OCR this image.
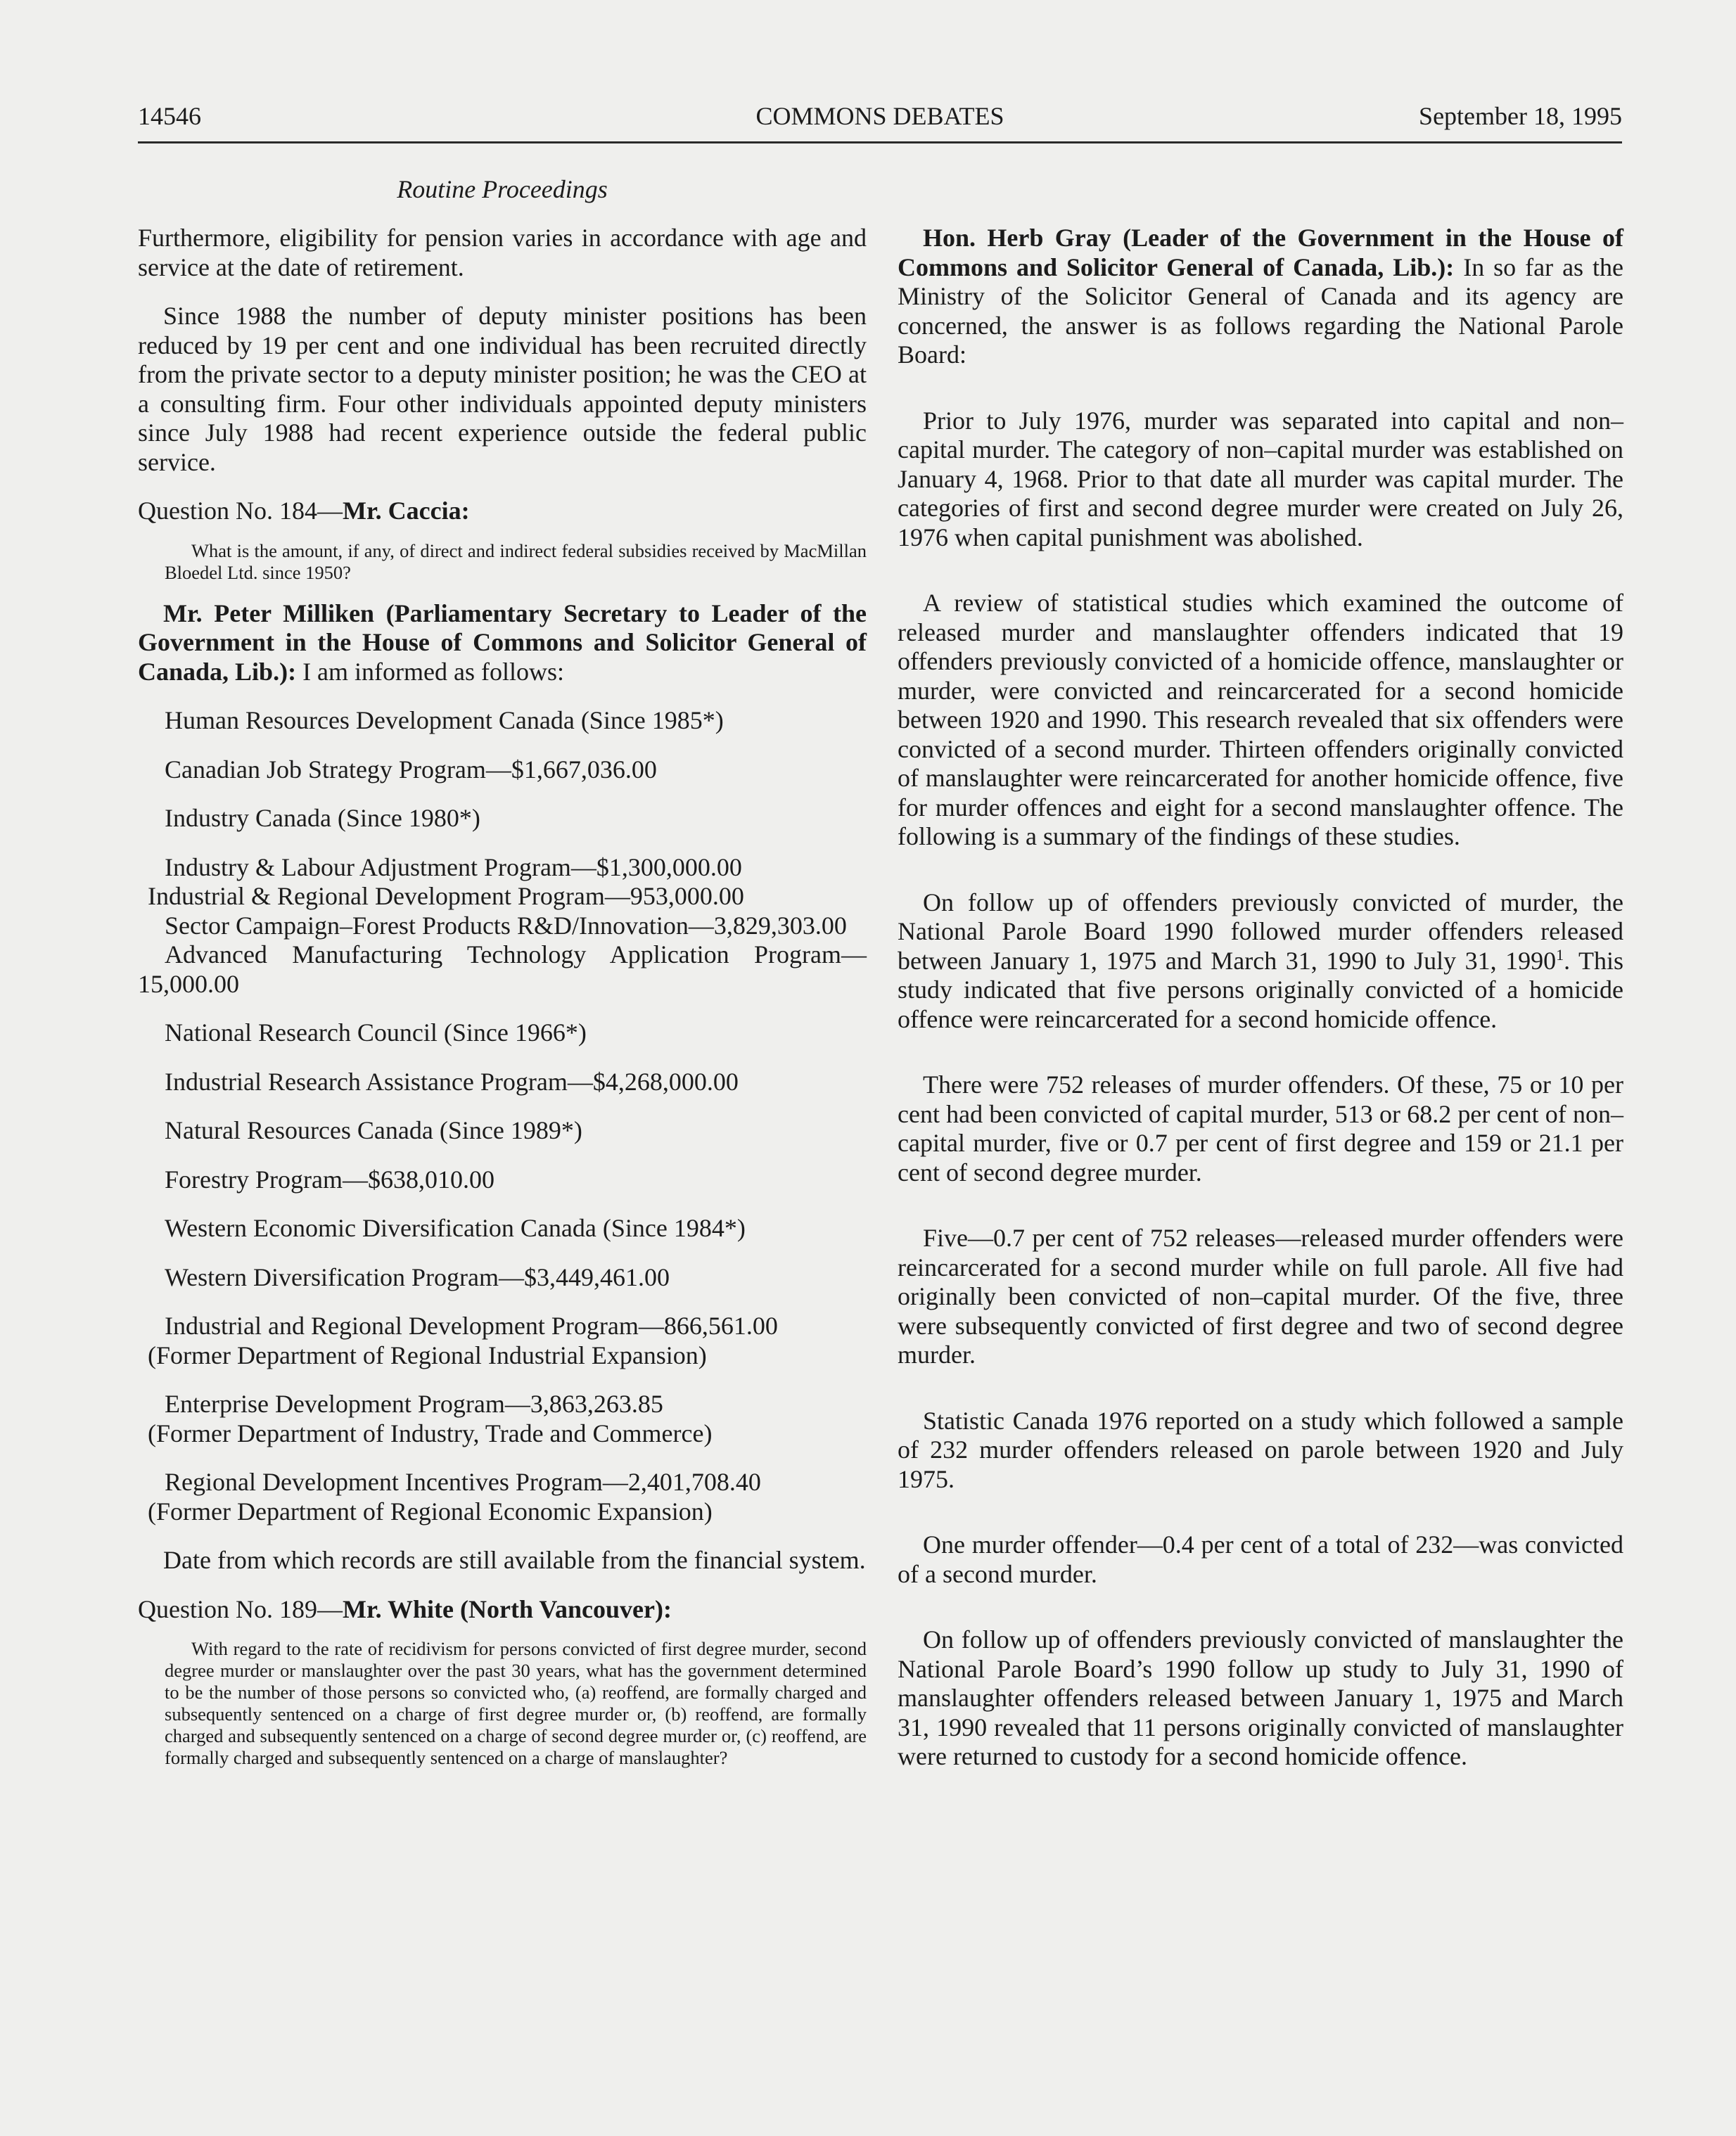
14546	COMMONS DEBATES	September 18, 1995
Routine Proceedings

Furthermore, eligibility for pension varies in accordance with age and service at the date of retirement.

Since 1988 the number of deputy minister positions has been reduced by 19 per cent and one individual has been recruited directly from the private sector to a deputy minister position; he was the CEO at a consulting firm. Four other individuals appointed deputy ministers since July 1988 had recent experience outside the federal public service.

Question No. 184—Mr. Caccia:

What is the amount, if any, of direct and indirect federal subsidies received by MacMillan Bloedel Ltd. since 1950?

Mr. Peter Milliken (Parliamentary Secretary to Leader of the Government in the House of Commons and Solicitor General of Canada, Lib.): I am informed as follows:

Human Resources Development Canada (Since 1985*)

Canadian Job Strategy Program—$1,667,036.00

Industry Canada (Since 1980*)

Industry & Labour Adjustment Program—$1,300,000.00

Industrial & Regional Development Program—953,000.00

Sector Campaign–Forest Products R&D/Innovation—3,829,303.00

Advanced Manufacturing Technology Application Program—15,000.00

National Research Council (Since 1966*)

Industrial Research Assistance Program—$4,268,000.00

Natural Resources Canada (Since 1989*)

Forestry Program—$638,010.00

Western Economic Diversification Canada (Since 1984*)

Western Diversification Program—$3,449,461.00

Industrial and Regional Development Program—866,561.00

(Former Department of Regional Industrial Expansion)

Enterprise Development Program—3,863,263.85

(Former Department of Industry, Trade and Commerce)

Regional Development Incentives Program—2,401,708.40

(Former Department of Regional Economic Expansion)

Date from which records are still available from the financial system.

Question No. 189—Mr. White (North Vancouver):

With regard to the rate of recidivism for persons convicted of first degree murder, second degree murder or manslaughter over the past 30 years, what has the government determined to be the number of those persons so convicted who, (a) reoffend, are formally charged and subsequently sentenced on a charge of first degree murder or, (b) reoffend, are formally charged and subsequently sentenced on a charge of second degree murder or, (c) reoffend, are formally charged and subsequently sentenced on a charge of manslaughter?

Hon. Herb Gray (Leader of the Government in the House of Commons and Solicitor General of Canada, Lib.): In so far as the Ministry of the Solicitor General of Canada and its agency are concerned, the answer is as follows regarding the National Parole Board:

Prior to July 1976, murder was separated into capital and non–capital murder. The category of non–capital murder was established on January 4, 1968. Prior to that date all murder was capital murder. The categories of first and second degree murder were created on July 26, 1976 when capital punishment was abolished.

A review of statistical studies which examined the outcome of released murder and manslaughter offenders indicated that 19 offenders previously convicted of a homicide offence, manslaughter or murder, were convicted and reincarcerated for a second homicide between 1920 and 1990. This research revealed that six offenders were convicted of a second murder. Thirteen offenders originally convicted of manslaughter were reincarcerated for another homicide offence, five for murder offences and eight for a second manslaughter offence. The following is a summary of the findings of these studies.

On follow up of offenders previously convicted of murder, the National Parole Board 1990 followed murder offenders released between January 1, 1975 and March 31, 1990 to July 31, 1990$^1$. This study indicated that five persons originally convicted of a homicide offence were reincarcerated for a second homicide offence.

There were 752 releases of murder offenders. Of these, 75 or 10 per cent had been convicted of capital murder, 513 or 68.2 per cent of non–capital murder, five or 0.7 per cent of first degree and 159 or 21.1 per cent of second degree murder.

Five—0.7 per cent of 752 releases—released murder offenders were reincarcerated for a second murder while on full parole. All five had originally been convicted of non–capital murder. Of the five, three were subsequently convicted of first degree and two of second degree murder.

Statistic Canada 1976 reported on a study which followed a sample of 232 murder offenders released on parole between 1920 and July 1975.

One murder offender—0.4 per cent of a total of 232—was convicted of a second murder.

On follow up of offenders previously convicted of manslaughter the National Parole Board’s 1990 follow up study to July 31, 1990 of manslaughter offenders released between January 1, 1975 and March 31, 1990 revealed that 11 persons originally convicted of manslaughter were returned to custody for a second homicide offence.
